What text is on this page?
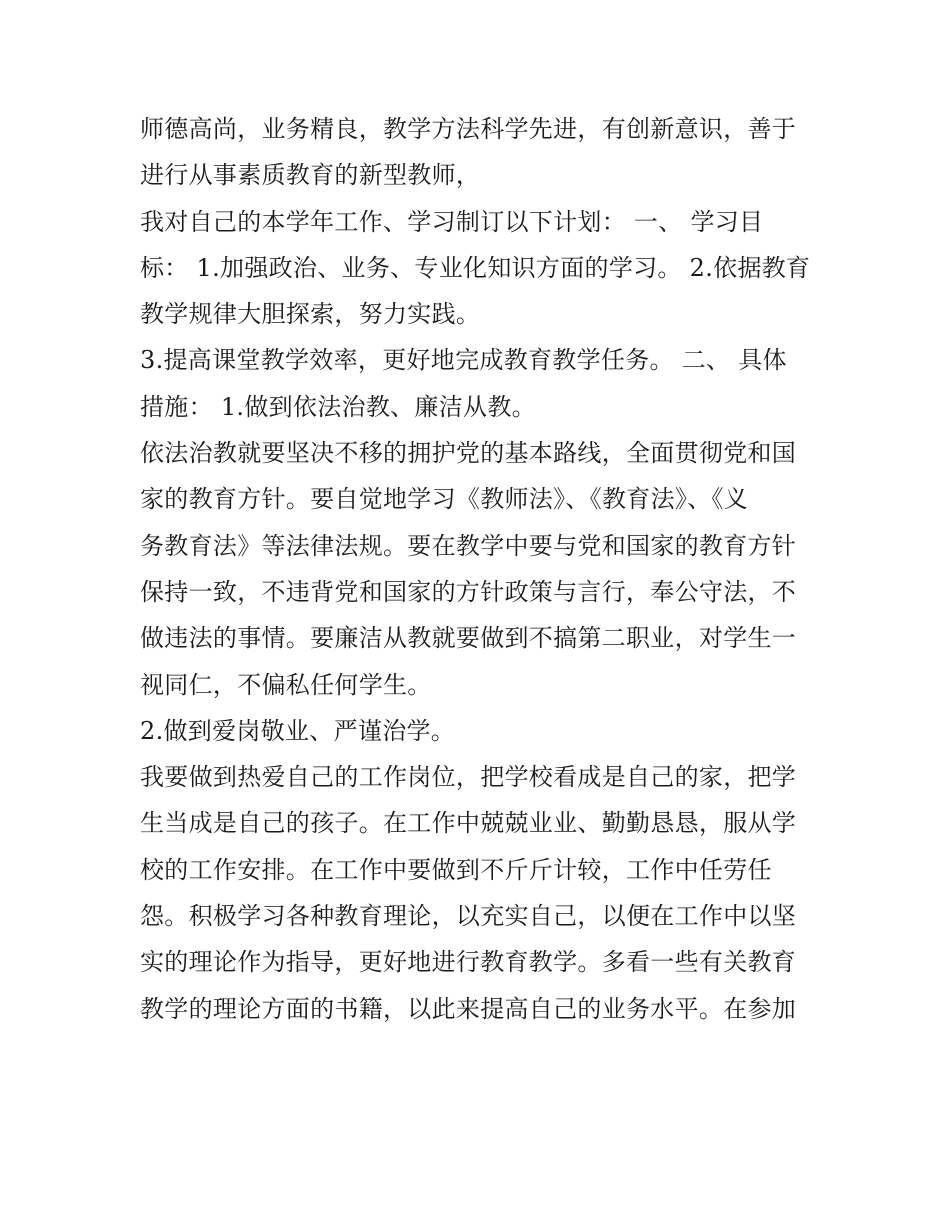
师德高尚，业务精良，教学方法科学先进，有创新意识，善于
进行从事素质教育的新型教师，
我对自己的本学年工作、学习制订以下计划： 一、 学习目
标： 1.加强政治、业务、专业化知识方面的学习。 2.依据教育
教学规律大胆探索，努力实践。
3.提高课堂教学效率，更好地完成教育教学任务。 二、 具体
措施： 1.做到依法治教、廉洁从教。
依法治教就要坚决不移的拥护党的基本路线，全面贯彻党和国
家的教育方针。要自觉地学习《教师法》、《教育法》、《义
务教育法》等法律法规。要在教学中要与党和国家的教育方针
保持一致，不违背党和国家的方针政策与言行，奉公守法，不
做违法的事情。要廉洁从教就要做到不搞第二职业，对学生一
视同仁，不偏私任何学生。
2.做到爱岗敬业、严谨治学。
我要做到热爱自己的工作岗位，把学校看成是自己的家，把学
生当成是自己的孩子。在工作中兢兢业业、勤勤恳恳，服从学
校的工作安排。在工作中要做到不斤斤计较，工作中任劳任
怨。积极学习各种教育理论，以充实自己，以便在工作中以坚
实的理论作为指导，更好地进行教育教学。多看一些有关教育
教学的理论方面的书籍，以此来提高自己的业务水平。在参加
